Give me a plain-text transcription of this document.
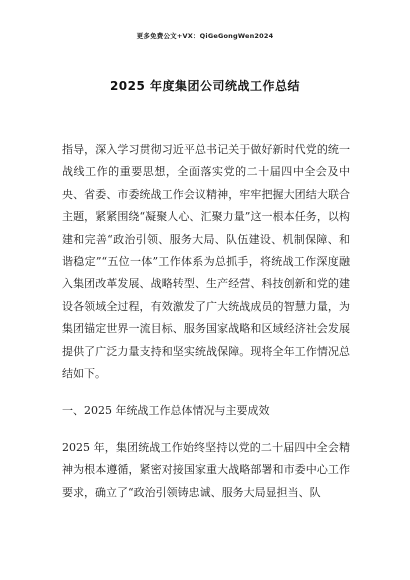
更多免费公文+VX：QiGeGongWen2024
2025 年度集团公司统战工作总结
指导，深入学习贯彻习近平总书记关于做好新时代党的统一战线工作的重要思想，全面落实党的二十届四中全会及中央、省委、市委统战工作会议精神，牢牢把握大团结大联合主题，紧紧围绕“凝聚人心、汇聚力量”这一根本任务，以构建和完善“政治引领、服务大局、队伍建设、机制保障、和谐稳定”“五位一体”工作体系为总抓手，将统战工作深度融入集团改革发展、战略转型、生产经营、科技创新和党的建设各领域全过程，有效激发了广大统战成员的智慧力量，为集团锚定世界一流目标、服务国家战略和区域经济社会发展提供了广泛力量支持和坚实统战保障。现将全年工作情况总结如下。
一、2025 年统战工作总体情况与主要成效
2025 年，集团统战工作始终坚持以党的二十届四中全会精神为根本遵循，紧密对接国家重大战略部署和市委中心工作要求，确立了“政治引领铸忠诚、服务大局显担当、队
